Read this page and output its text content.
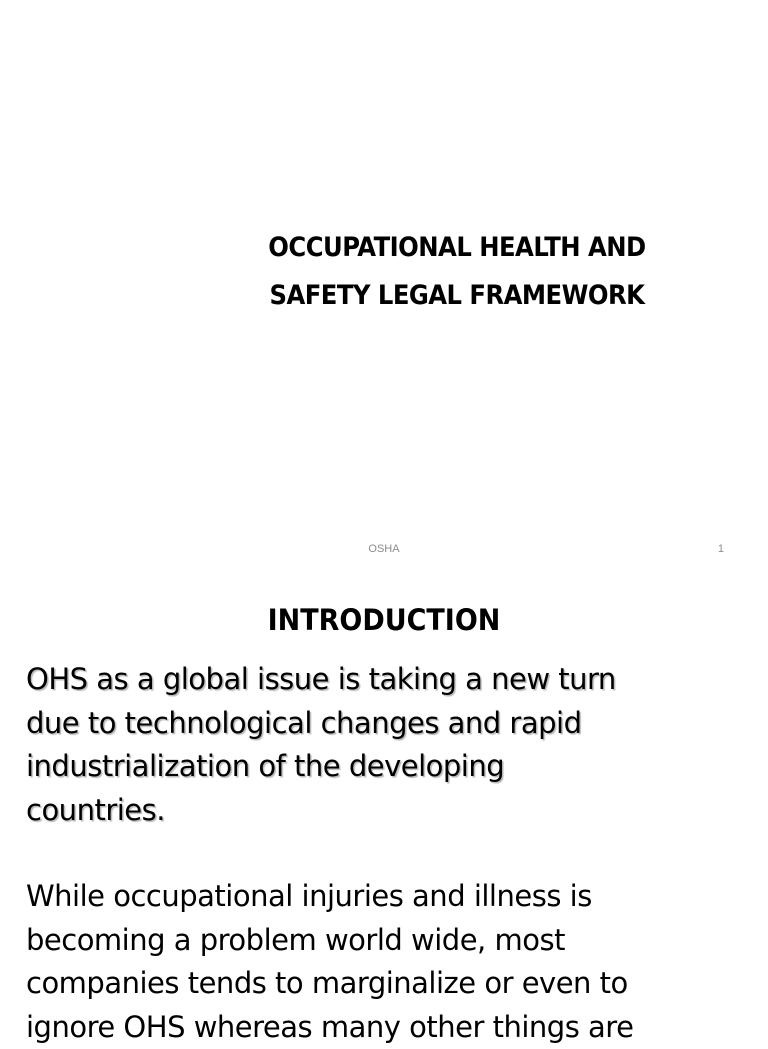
OCCUPATIONAL HEALTH AND
SAFETY LEGAL FRAMEWORK
OSHA	1
INTRODUCTION
OHS as a global issue is taking a new turn
due to technological changes and rapid
industrialization of the developing
countries.
While occupational injuries and illness is
becoming a problem world wide, most
companies tends to marginalize or even to
ignore OHS whereas many other things are
